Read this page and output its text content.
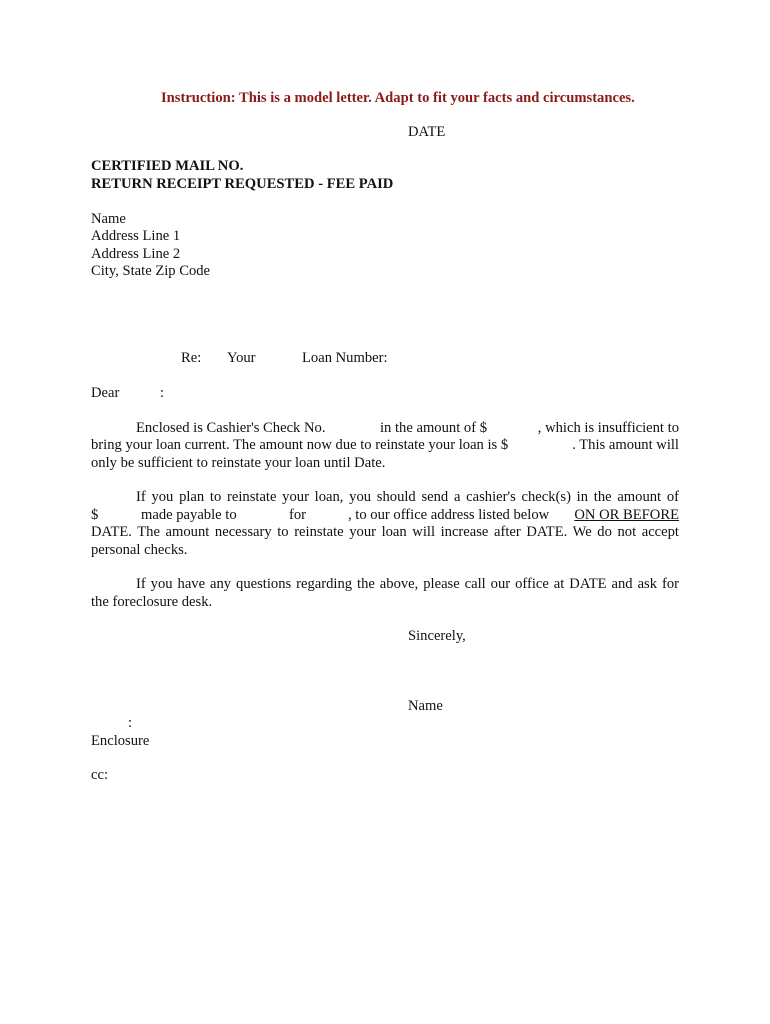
Instruction: This is a model letter. Adapt to fit your facts and circumstances.
DATE
CERTIFIED MAIL NO.
RETURN RECEIPT REQUESTED - FEE PAID
Name
Address Line 1
Address Line 2
City, State Zip Code
Re: Your	Loan Number:
Dear	:
Enclosed is Cashier's Check No.	in the amount of $	, which is insufficient to
bring your loan current. The amount now due to reinstate your loan is $	. This amount will
only be sufficient to reinstate your loan until Date.
If you plan to reinstate your loan, you should send a cashier's check(s) in the amount of
$	made payable to	for	, to our office address listed below	ON OR BEFORE
DATE. The amount necessary to reinstate your loan will increase after DATE. We do not accept
personal checks.
If you have any questions regarding the above, please call our office at DATE and ask for
the foreclosure desk.
Sincerely,
Name
:
Enclosure
cc:
